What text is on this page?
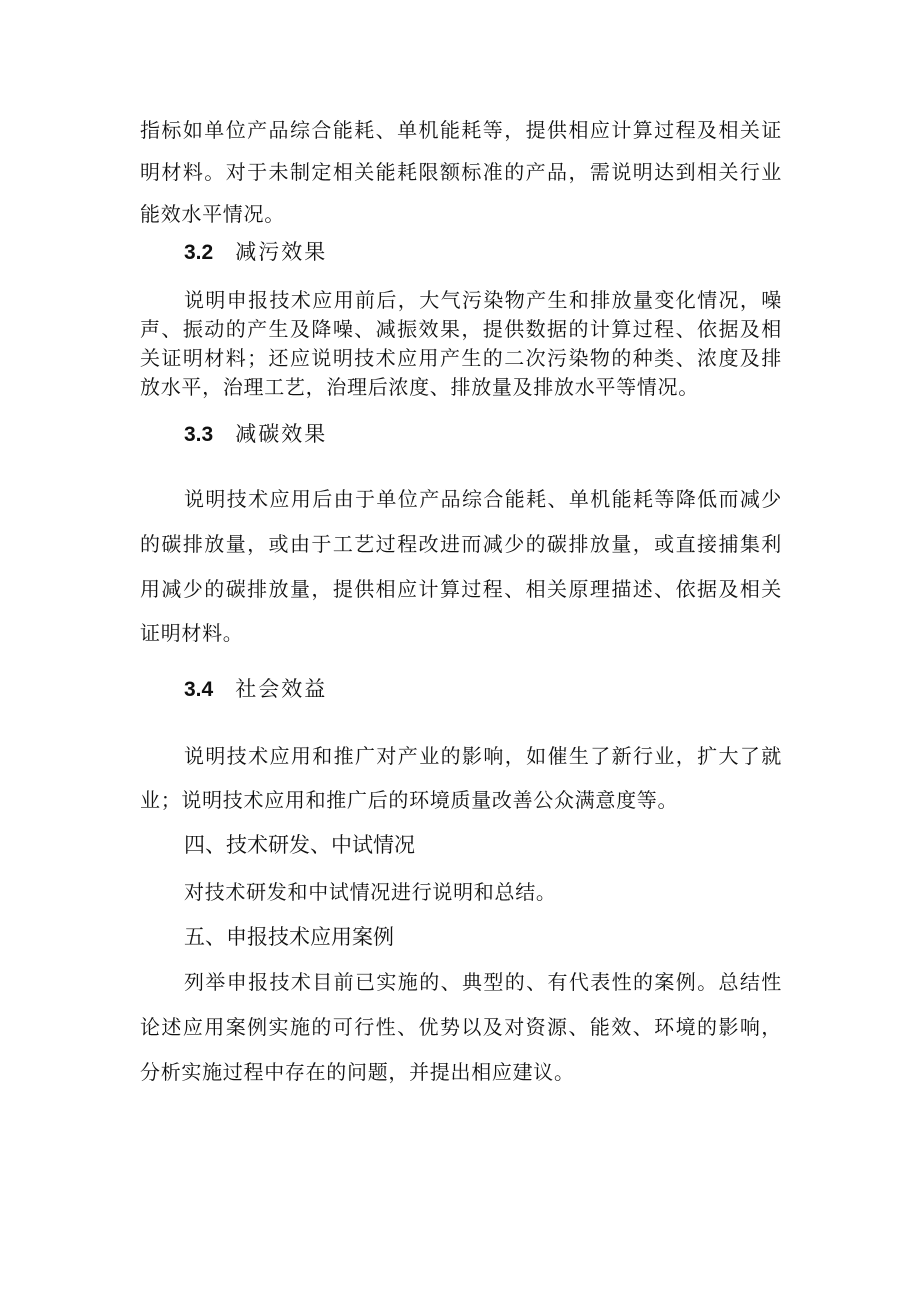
指标如单位产品综合能耗、单机能耗等，提供相应计算过程及相关证
明材料。对于未制定相关能耗限额标准的产品，需说明达到相关行业
能效水平情况。
3.2 减污效果
说明申报技术应用前后，大气污染物产生和排放量变化情况，噪
声、振动的产生及降噪、减振效果，提供数据的计算过程、依据及相
关证明材料；还应说明技术应用产生的二次污染物的种类、浓度及排
放水平，治理工艺，治理后浓度、排放量及排放水平等情况。
3.3 减碳效果
说明技术应用后由于单位产品综合能耗、单机能耗等降低而减少
的碳排放量，或由于工艺过程改进而减少的碳排放量，或直接捕集利
用减少的碳排放量，提供相应计算过程、相关原理描述、依据及相关
证明材料。
3.4 社会效益
说明技术应用和推广对产业的影响，如催生了新行业，扩大了就
业；说明技术应用和推广后的环境质量改善公众满意度等。
四、技术研发、中试情况
对技术研发和中试情况进行说明和总结。
五、申报技术应用案例
列举申报技术目前已实施的、典型的、有代表性的案例。总结性
论述应用案例实施的可行性、优势以及对资源、能效、环境的影响，
分析实施过程中存在的问题，并提出相应建议。
